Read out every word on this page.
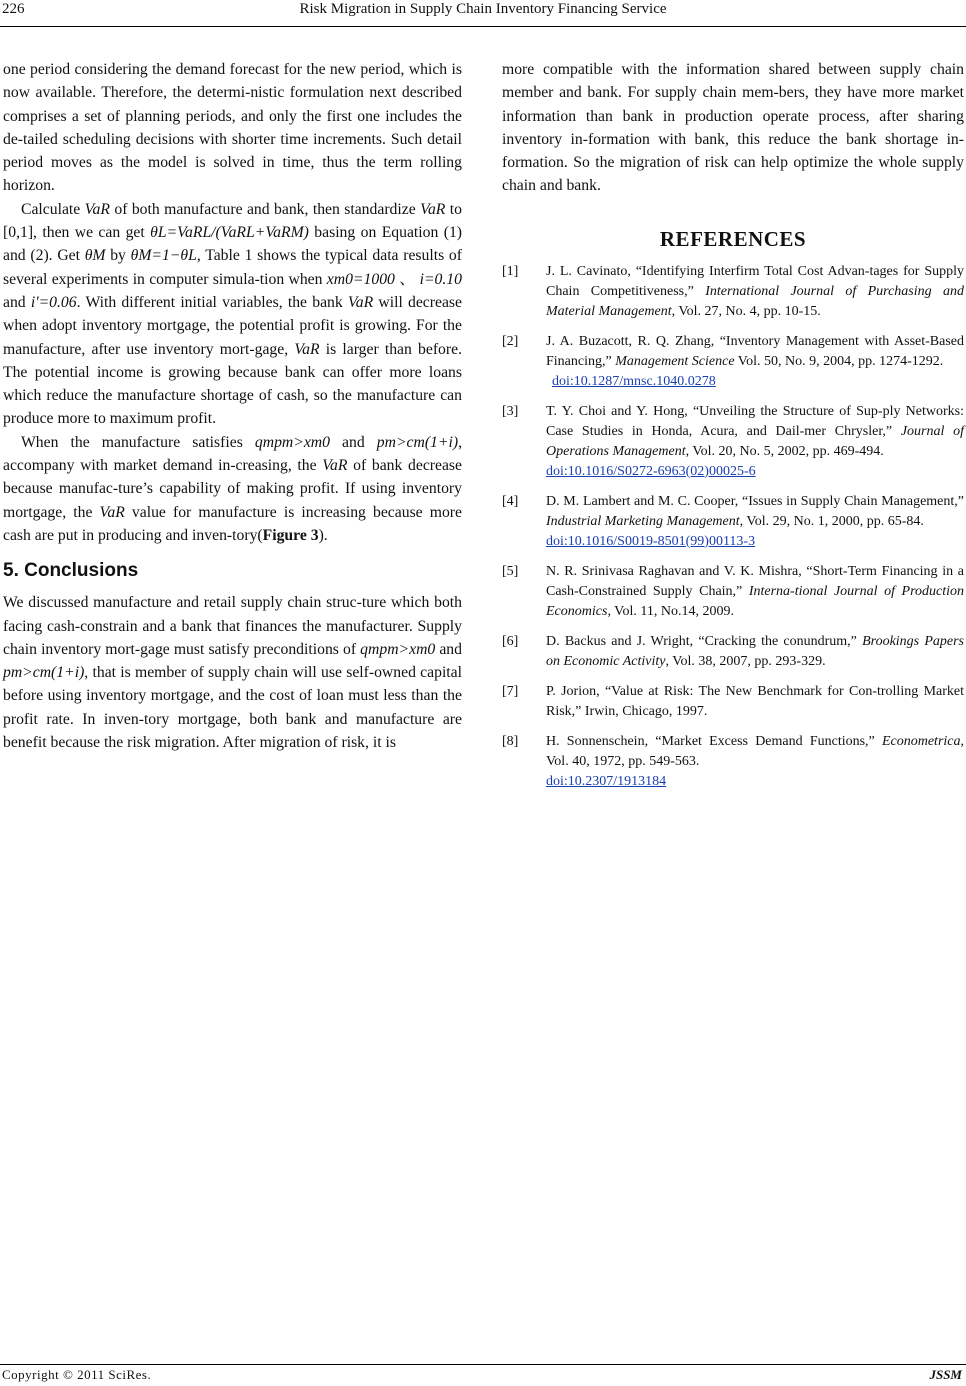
226	Risk Migration in Supply Chain Inventory Financing Service

one period considering the demand forecast for the new period, which is now available. Therefore, the determi-nistic formulation next described comprises a set of planning periods, and only the first one includes the de-tailed scheduling decisions with shorter time increments. Such detail period moves as the model is solved in time, thus the term rolling horizon.

Calculate VaR of both manufacture and bank, then standardize VaR to [0,1], then we can get θL=VaRL/(VaRL+VaRM) basing on Equation (1) and (2). Get θM by θM=1−θL, Table 1 shows the typical data results of several experiments in computer simula-tion when xm0=1000 、 i=0.10 and i'=0.06. With different initial variables, the bank VaR will decrease when adopt inventory mortgage, the potential profit is growing. For the manufacture, after use inventory mort-gage, VaR is larger than before. The potential income is growing because bank can offer more loans which reduce the manufacture shortage of cash, so the manufacture can produce more to maximum profit.

When the manufacture satisfies qmpm>xm0 and pm>cm(1+i), accompany with market demand in-creasing, the VaR of bank decrease because manufac-ture’s capability of making profit. If using inventory mortgage, the VaR value for manufacture is increasing because more cash are put in producing and inven-tory(Figure 3).

5. Conclusions

We discussed manufacture and retail supply chain struc-ture which both facing cash-constrain and a bank that finances the manufacturer. Supply chain inventory mort-gage must satisfy preconditions of qmpm>xm0 and pm>cm(1+i), that is member of supply chain will use self-owned capital before using inventory mortgage, and the cost of loan must less than the profit rate. In inven-tory mortgage, both bank and manufacture are benefit because the risk migration. After migration of risk, it is

more compatible with the information shared between supply chain member and bank. For supply chain mem-bers, they have more market information than bank in production operate process, after sharing inventory in-formation with bank, this reduce the bank shortage in-formation. So the migration of risk can help optimize the whole supply chain and bank.

REFERENCES
[1]	J. L. Cavinato, “Identifying Interfirm Total Cost Advan-tages for Supply Chain Competitiveness,” International Journal of Purchasing and Material Management, Vol. 27, No. 4, pp. 10-15.
[2]	J. A. Buzacott, R. Q. Zhang, “Inventory Management with Asset-Based Financing,” Management Science Vol. 50, No. 9, 2004, pp. 1274-1292.
doi:10.1287/mnsc.1040.0278
[3]	T. Y. Choi and Y. Hong, “Unveiling the Structure of Sup-ply Networks: Case Studies in Honda, Acura, and Dail-mer Chrysler,” Journal of Operations Management, Vol. 20, No. 5, 2002, pp. 469-494.
doi:10.1016/S0272-6963(02)00025-6
[4]	D. M. Lambert and M. C. Cooper, “Issues in Supply Chain Management,” Industrial Marketing Management, Vol. 29, No. 1, 2000, pp. 65-84.
doi:10.1016/S0019-8501(99)00113-3
[5]	N. R. Srinivasa Raghavan and V. K. Mishra, “Short-Term Financing in a Cash-Constrained Supply Chain,” Interna-tional Journal of Production Economics, Vol. 11, No.14, 2009.
[6]	D. Backus and J. Wright, “Cracking the conundrum,” Brookings Papers on Economic Activity, Vol. 38, 2007, pp. 293-329.
[7]	P. Jorion, “Value at Risk: The New Benchmark for Con-trolling Market Risk,” Irwin, Chicago, 1997.
[8]	H. Sonnenschein, “Market Excess Demand Functions,” Econometrica, Vol. 40, 1972, pp. 549-563.
doi:10.2307/1913184
Copyright © 2011 SciRes.	JSSM
